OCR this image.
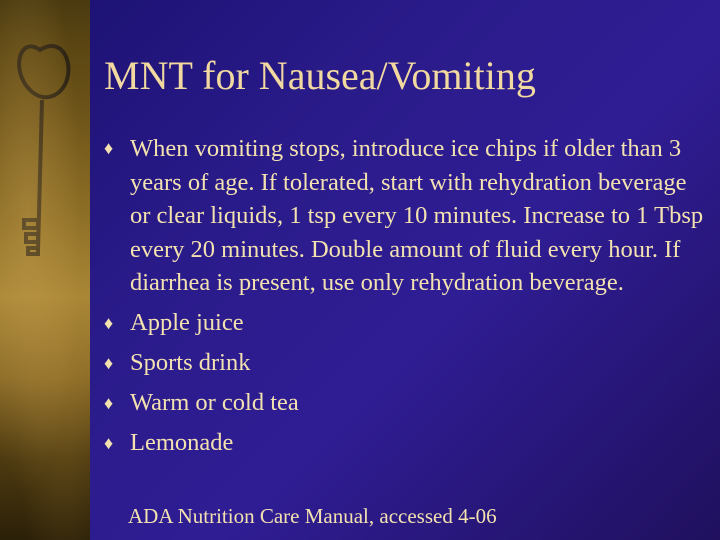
MNT for Nausea/Vomiting
♦ When vomiting stops, introduce ice chips if older than 3 years of age. If tolerated, start with rehydration beverage or clear liquids, 1 tsp every 10 minutes. Increase to 1 Tbsp every 20 minutes. Double amount of fluid every hour. If diarrhea is present, use only rehydration beverage.
♦ Apple juice
♦ Sports drink
♦ Warm or cold tea
♦ Lemonade
ADA Nutrition Care Manual, accessed 4-06
